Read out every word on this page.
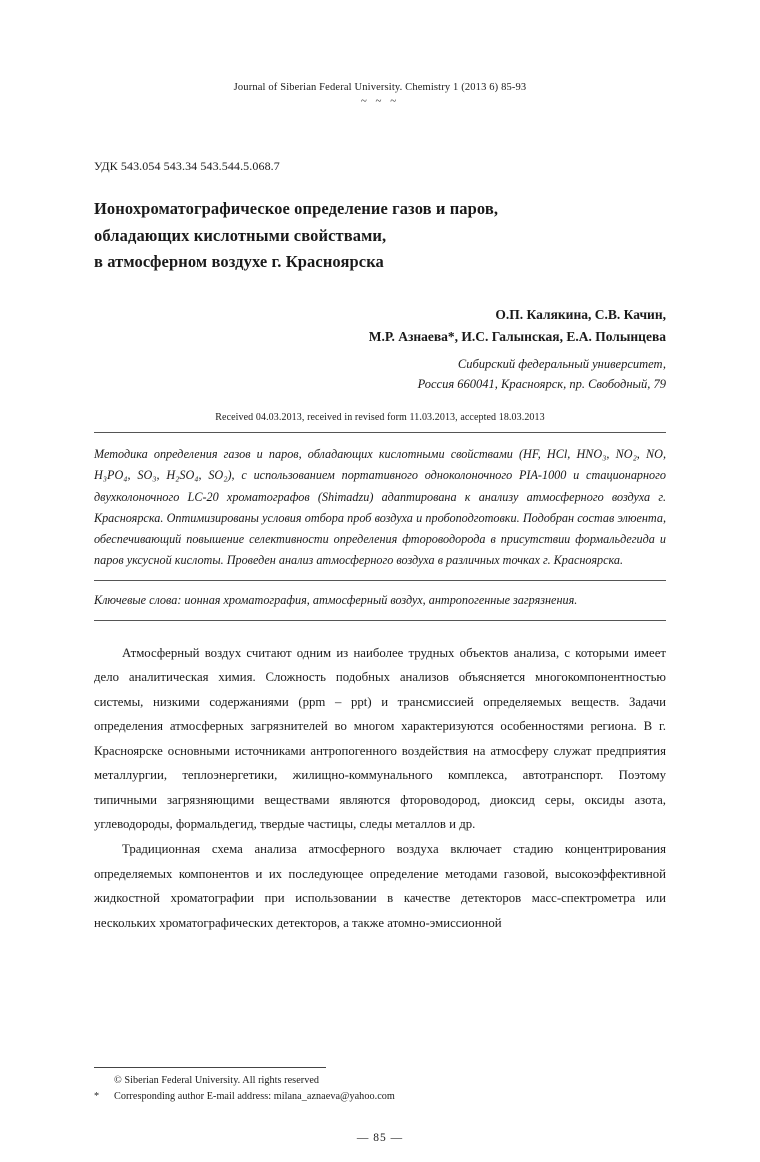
Journal of Siberian Federal University. Chemistry 1 (2013 6) 85-93
~ ~ ~
УДК 543.054 543.34 543.544.5.068.7
Ионохроматографическое определение газов и паров,
обладающих кислотными свойствами,
в атмосферном воздухе г. Красноярска
О.П. Калякина, С.В. Качин,
М.Р. Азнаева*, И.С. Галынская, Е.А. Полынцева
Сибирский федеральный университет,
Россия 660041, Красноярск, пр. Свободный, 79
Received 04.03.2013, received in revised form 11.03.2013, accepted 18.03.2013
Методика определения газов и паров, обладающих кислотными свойствами (HF, HCl, HNO₃, NO₂, NO, H₃PO₄, SO₃, H₂SO₄, SO₂), с использованием портативного одноколоночного PIA-1000 и стационарного двухколоночного LC-20 хроматографов (Shimadzu) адаптирована к анализу атмосферного воздуха г. Красноярска. Оптимизированы условия отбора проб воздуха и пробоподготовки. Подобран состав элюента, обеспечивающий повышение селективности определения фтороводорода в присутствии формальдегида и паров уксусной кислоты. Проведен анализ атмосферного воздуха в различных точках г. Красноярска.
Ключевые слова: ионная хроматография, атмосферный воздух, антропогенные загрязнения.

Атмосферный воздух считают одним из наиболее трудных объектов анализа, с которыми имеет дело аналитическая химия. Сложность подобных анализов объясняется многокомпонентностью системы, низкими содержаниями (ppm – ppt) и трансмиссией определяемых веществ. Задачи определения атмосферных загрязнителей во многом характеризуются особенностями региона. В г. Красноярске основными источниками антропогенного воздействия на атмосферу служат предприятия металлургии, теплоэнергетики, жилищно-коммунального комплекса, автотранспорт. Поэтому типичными загрязняющими веществами являются фтороводород, диоксид серы, оксиды азота, углеводороды, формальдегид, твердые частицы, следы металлов и др.

Традиционная схема анализа атмосферного воздуха включает стадию концентрирования определяемых компонентов и их последующее определение методами газовой, высокоэффективной жидкостной хроматографии при использовании в качестве детекторов масс-спектрометра или нескольких хроматографических детекторов, а также атомно-эмиссионной

© Siberian Federal University. All rights reserved
* Corresponding author E-mail address: milana_aznaeva@yahoo.com
— 85 —
